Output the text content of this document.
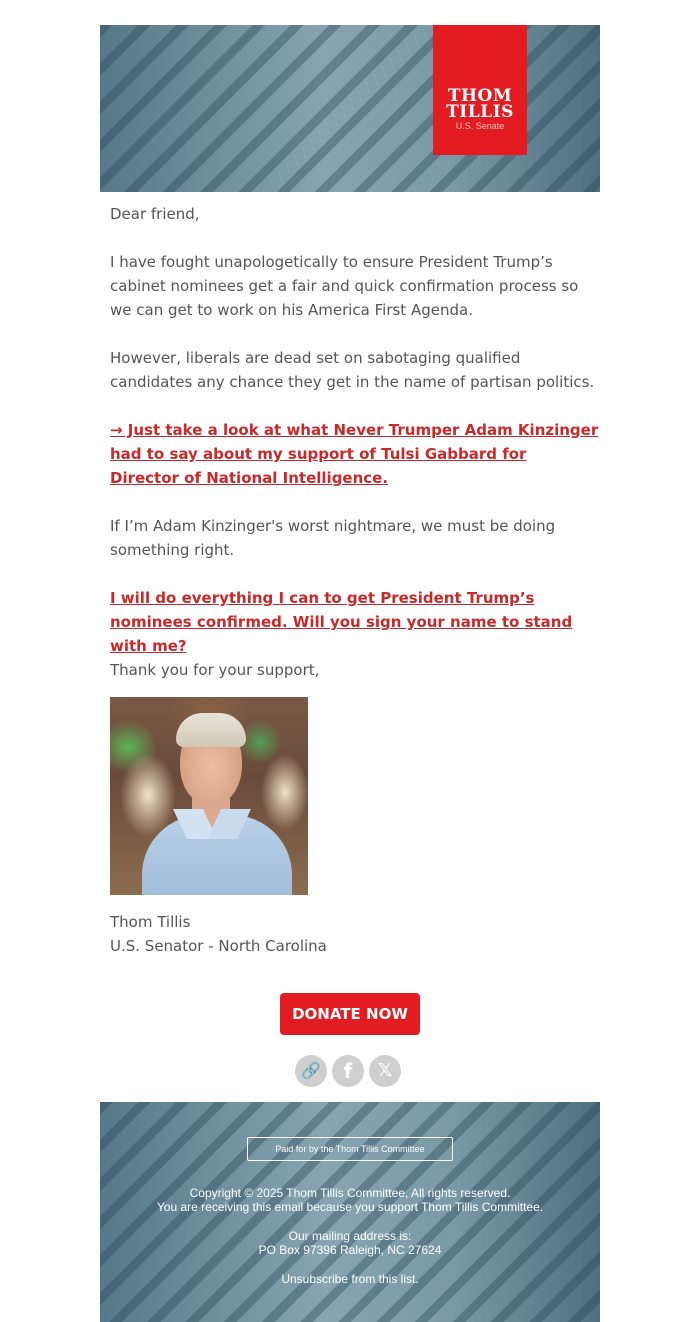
THOM
TILLIS
U.S. Senate

Dear friend,

I have fought unapologetically to ensure President Trump’s cabinet nominees get a fair and quick confirmation process so we can get to work on his America First Agenda.

However, liberals are dead set on sabotaging qualified candidates any chance they get in the name of partisan politics.

→ Just take a look at what Never Trumper Adam Kinzinger had to say about my support of Tulsi Gabbard for Director of National Intelligence.

If I’m Adam Kinzinger's worst nightmare, we must be doing something right.

I will do everything I can to get President Trump’s nominees confirmed. Will you sign your name to stand with me?

Thank you for your support,

Thom Tillis
U.S. Senator - North Carolina
DONATE NOW
🔗	f	𝕏
Paid for by the Thom Tillis Committee
Copyright © 2025 Thom Tillis Committee, All rights reserved.
You are receiving this email because you support Thom Tillis Committee.
Our mailing address is:
PO Box 97396 Raleigh, NC 27624
Unsubscribe from this list.
